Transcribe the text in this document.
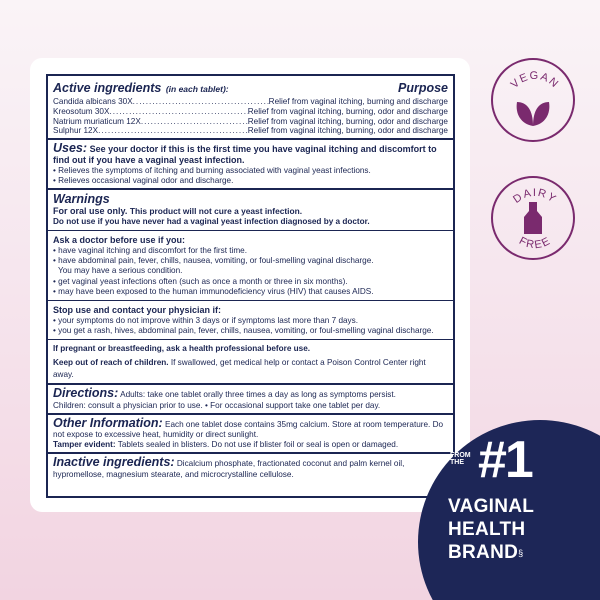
Active ingredients (in each tablet):	Purpose
Candida albicans 30X .....	Relief from vaginal itching, burning and discharge
Kreosotum 30X .....	Relief from vaginal itching, burning, odor and discharge
Natrium muriaticum 12X .....	Relief from vaginal itching, burning, odor and discharge
Sulphur 12X .....	Relief from vaginal itching, burning, odor and discharge
Uses: See your doctor if this is the first time you have vaginal itching and discomfort to find out if you have a vaginal yeast infection.
• Relieves the symptoms of itching and burning associated with vaginal yeast infections.
• Relieves occasional vaginal odor and discharge.
Warnings
For oral use only. This product will not cure a yeast infection.
Do not use if you have never had a vaginal yeast infection diagnosed by a doctor.
Ask a doctor before use if you:
• have vaginal itching and discomfort for the first time.
• have abdominal pain, fever, chills, nausea, vomiting, or foul-smelling vaginal discharge.
You may have a serious condition.
• get vaginal yeast infections often (such as once a month or three in six months).
• may have been exposed to the human immunodeficiency virus (HIV) that causes AIDS.
Stop use and contact your physician if:
• your symptoms do not improve within 3 days or if symptoms last more than 7 days.
• you get a rash, hives, abdominal pain, fever, chills, nausea, vomiting, or foul-smelling vaginal discharge.
If pregnant or breastfeeding, ask a health professional before use.
Keep out of reach of children. If swallowed, get medical help or contact a Poison Control Center right away.
Directions: Adults: take one tablet orally three times a day as long as symptoms persist.
Children: consult a physician prior to use. • For occasional support take one tablet per day.
Other Information: Each one tablet dose contains 35mg calcium. Store at room temperature. Do not expose to excessive heat, humidity or direct sunlight.
Tamper evident: Tablets sealed in blisters. Do not use if blister foil or seal is open or damaged.
Inactive ingredients: Dicalcium phosphate, fractionated coconut and palm kernel oil, hypromellose, magnesium stearate, and microcrystalline cellulose.
VEGAN
DAIRY
FREE
FROM THE #1
VAGINAL
HEALTH
BRAND§
